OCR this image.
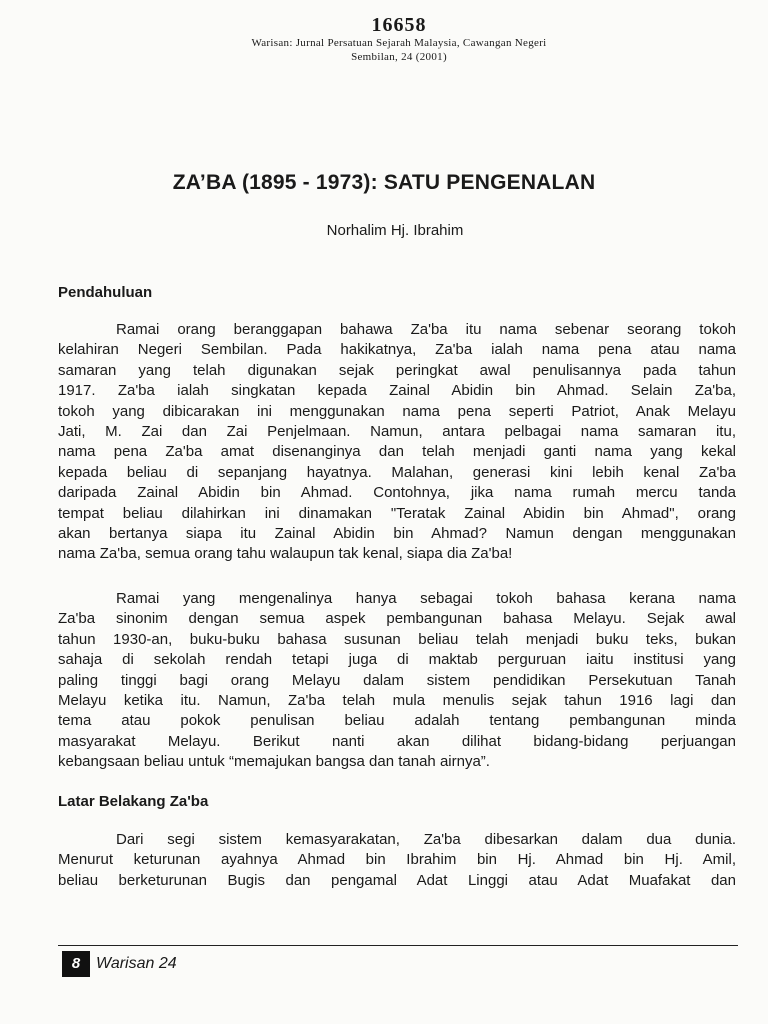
16658
Warisan: Jurnal Persatuan Sejarah Malaysia, Cawangan Negeri
Sembilan, 24 (2001)
ZA’BA (1895 - 1973): SATU PENGENALAN
Norhalim Hj. Ibrahim
Pendahuluan
Ramai orang beranggapan bahawa Za'ba itu nama sebenar seorang tokoh
kelahiran Negeri Sembilan. Pada hakikatnya, Za'ba ialah nama pena atau nama
samaran yang telah digunakan sejak peringkat awal penulisannya pada tahun
1917. Za'ba ialah singkatan kepada Zainal Abidin bin Ahmad. Selain Za'ba,
tokoh yang dibicarakan ini menggunakan nama pena seperti Patriot, Anak Melayu
Jati, M. Zai dan Zai Penjelmaan. Namun, antara pelbagai nama samaran itu,
nama pena Za'ba amat disenanginya dan telah menjadi ganti nama yang kekal
kepada beliau di sepanjang hayatnya. Malahan, generasi kini lebih kenal Za'ba
daripada Zainal Abidin bin Ahmad. Contohnya, jika nama rumah mercu tanda
tempat beliau dilahirkan ini dinamakan "Teratak Zainal Abidin bin Ahmad", orang
akan bertanya siapa itu Zainal Abidin bin Ahmad? Namun dengan menggunakan
nama Za'ba, semua orang tahu walaupun tak kenal, siapa dia Za'ba!
Ramai yang mengenalinya hanya sebagai tokoh bahasa kerana nama
Za'ba sinonim dengan semua aspek pembangunan bahasa Melayu. Sejak awal
tahun 1930-an, buku-buku bahasa susunan beliau telah menjadi buku teks, bukan
sahaja di sekolah rendah tetapi juga di maktab perguruan iaitu institusi yang
paling tinggi bagi orang Melayu dalam sistem pendidikan Persekutuan Tanah
Melayu ketika itu. Namun, Za'ba telah mula menulis sejak tahun 1916 lagi dan
tema atau pokok penulisan beliau adalah tentang pembangunan minda
masyarakat Melayu. Berikut nanti akan dilihat bidang-bidang perjuangan
kebangsaan beliau untuk “memajukan bangsa dan tanah airnya”.
Latar Belakang Za'ba
Dari segi sistem kemasyarakatan, Za'ba dibesarkan dalam dua dunia.
Menurut keturunan ayahnya Ahmad bin Ibrahim bin Hj. Ahmad bin Hj. Amil,
beliau berketurunan Bugis dan pengamal Adat Linggi atau Adat Muafakat dan
8 Warisan 24
